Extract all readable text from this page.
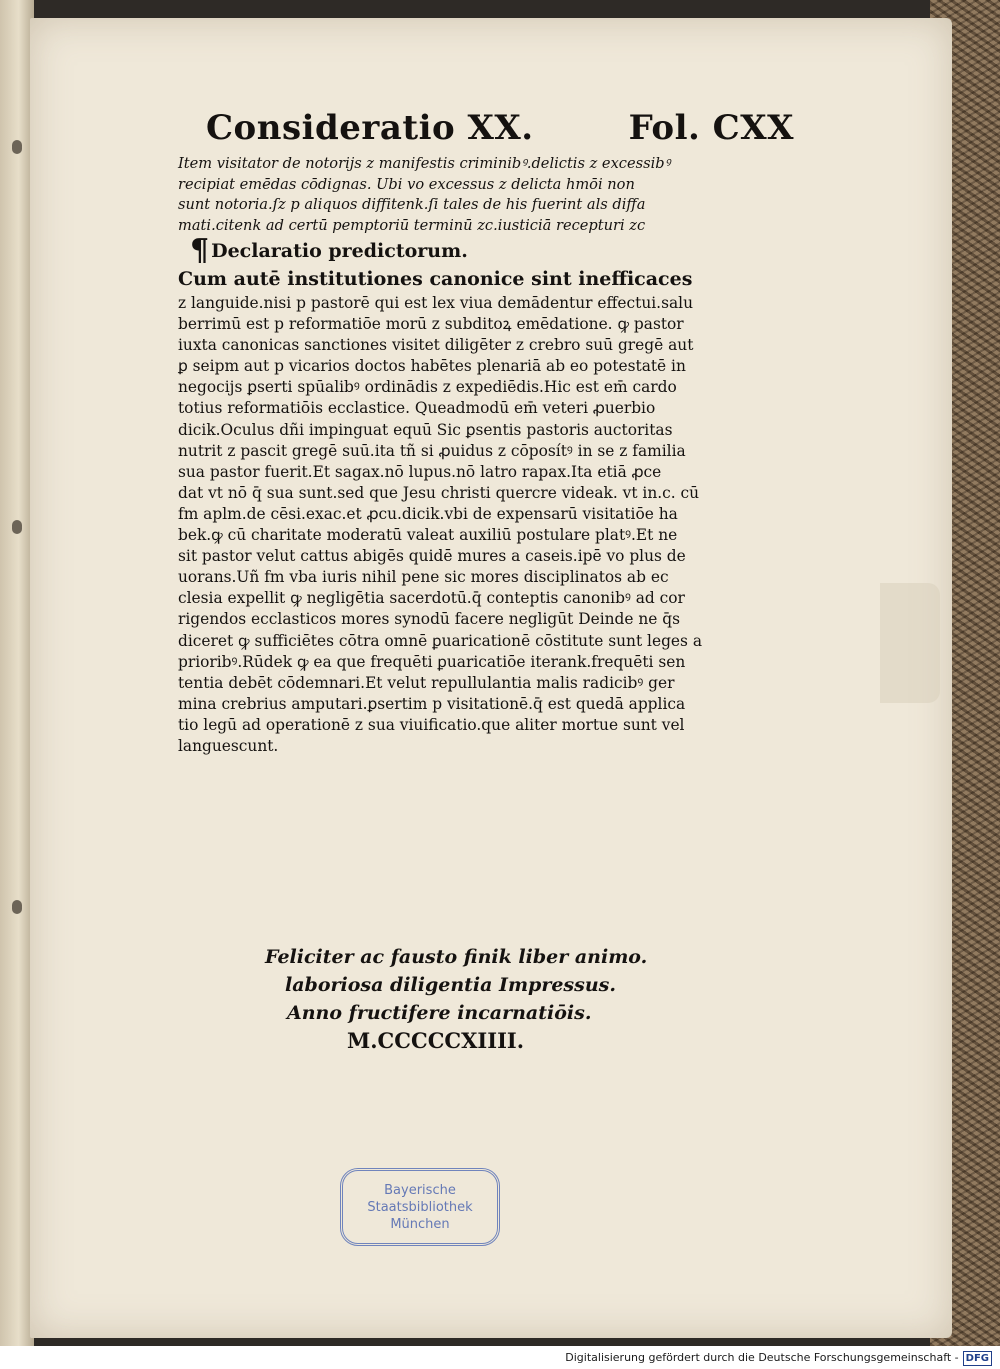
Consideratio XX.	Fol. CXX

Item visitator de notorijs z manifestis criminibꝰ.delictis z excessibꝰ

recipiat emēdas cōdignas. Ubi vo excessus z delicta hmōi non

sunt notoria.ſz p aliquos diffitenk.ſi tales de his fuerint als diffa

mati.citenk ad certū pemptoriū terminū zc.iusticiā recepturi zc

¶ Declaratio predictorum.

Cum autē institutiones canonice sint inefficaces

z languide.nisi p pastorē qui est lex viua demādentur effectui.salu

berrimū est p reformatiōe morū z subditoꝝ emēdatione. ꝙ pastor

iuxta canonicas sanctiones visitet diligēter z crebro suū gregē aut

ꝑ seipm aut p vicarios doctos habētes plenariā ab eo potestatē in

negocijs ꝑserti spūalibꝰ ordinādis z expediēdis.Hic est em̄ cardo

totius reformatiōis ecclastice. Queadmodū em̄ veteri ꝓuerbio

dicik.Oculus dñi impinguat equū Sic ꝑsentis pastoris auctoritas

nutrit z pascit gregē suū.ita tñ si ꝓuidus z cōposítꝰ in se z familia

sua pastor fuerit.Et sagax.nō lupus.nō latro rapax.Ita etiā ꝓce

dat vt nō q̄ sua sunt.sed que Jesu christi quercre videak. vt in.c. cū

fm aplm.de cēsi.exac.et ꝓcu.dicik.vbi de expensarū visitatiōe ha

bek.ꝙ cū charitate moderatū valeat auxiliū postulare platꝰ.Et ne

sit pastor velut cattus abigēs quidē mures a caseis.ipē vo plus de

uorans.Uñ fm vba iuris nihil pene sic mores disciplinatos ab ec

clesia expellit ꝙ negligētia sacerdotū.q̄ conteptis canonibꝰ ad cor

rigendos ecclasticos mores synodū facere negligūt Deinde ne q̄s

diceret ꝙ sufficiētes cōtra omnē ꝑuaricationē cōstitute sunt leges a

prioribꝰ.Rūdek ꝙ ea que frequēti ꝑuaricatiōe iterank.frequēti sen

tentia debēt cōdemnari.Et velut repullulantia malis radicibꝰ ger

mina crebrius amputari.ꝑsertim p visitationē.q̄ est quedā applica

tio legū ad operationē z sua viuificatio.que aliter mortue sunt vel

languescunt.

Feliciter ac fausto finik liber animo.

laboriosa diligentia Impressus.

Anno fructifere incarnatiōis.

M.CCCCCXIIII.

Bayerische
Staatsbibliothek
München
Digitalisierung gefördert durch die Deutsche Forschungsgemeinschaft - DFG
